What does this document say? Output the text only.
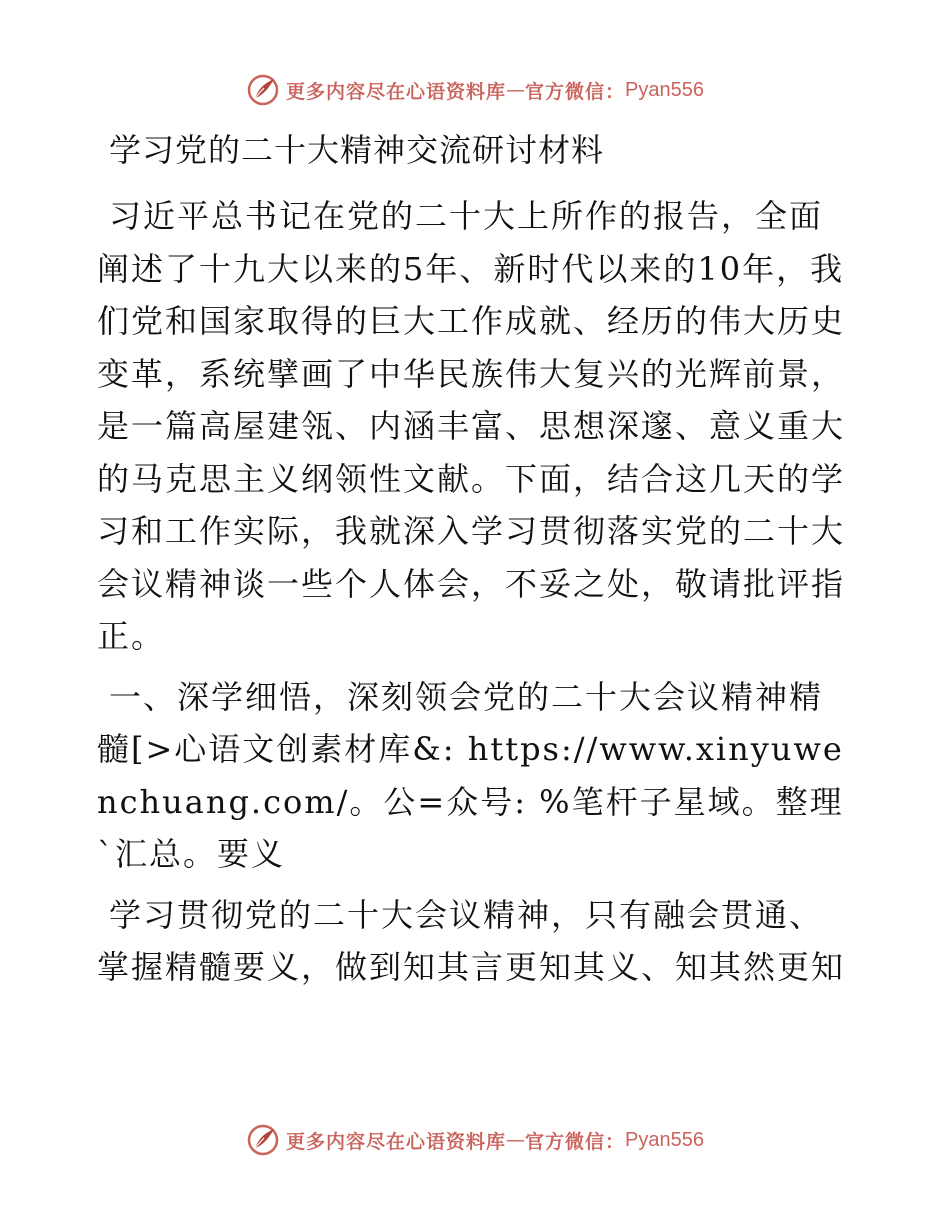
更多内容尽在心语资料库 — 官方微信： Pyan556
学习党的二十大精神交流研讨材料

习近平总书记在党的二十大上所作的报告，全面阐述了十九大以来的5年、新时代以来的10年，我们党和国家取得的巨大工作成就、经历的伟大历史变革，系统擘画了中华民族伟大复兴的光辉前景，是一篇高屋建瓴、内涵丰富、思想深邃、意义重大的马克思主义纲领性文献。下面，结合这几天的学习和工作实际，我就深入学习贯彻落实党的二十大会议精神谈一些个人体会，不妥之处，敬请批评指正。

一、深学细悟，深刻领会党的二十大会议精神精髓[>心语文创素材库&: https://www.xinyuwenchuang.com/。公=众号: %笔杆子星域。整理`汇总。要义

学习贯彻党的二十大会议精神，只有融会贯通、掌握精髓要义，做到知其言更知其义、知其然更知

更多内容尽在心语资料库 — 官方微信： Pyan556
